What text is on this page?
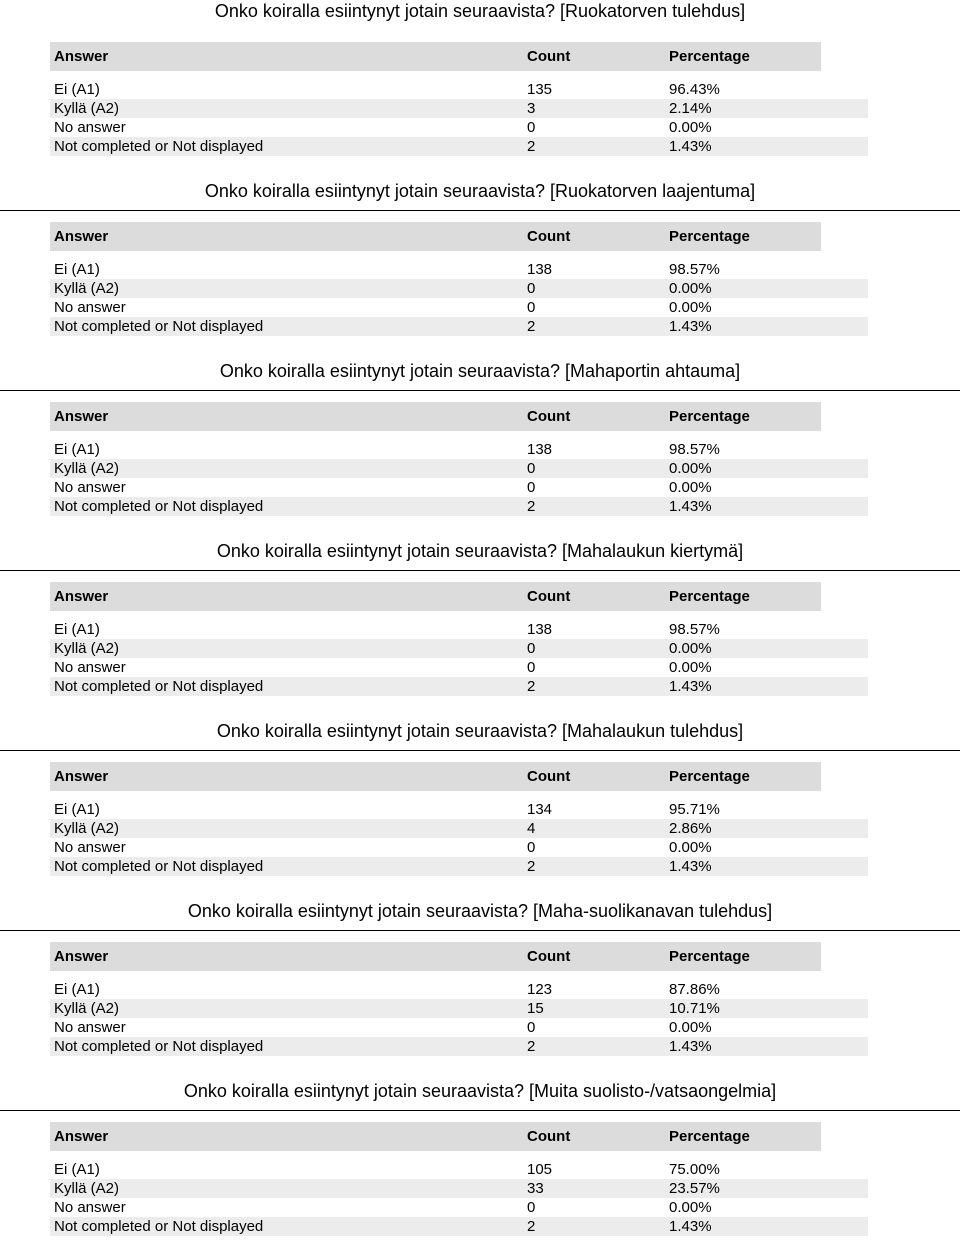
Onko koiralla esiintynyt jotain seuraavista? [Ruokatorven tulehdus]
Answer	Count	Percentage
Ei (A1)	135	96.43%
Kyllä (A2)	3	2.14%
No answer	0	0.00%
Not completed or Not displayed	2	1.43%
Onko koiralla esiintynyt jotain seuraavista? [Ruokatorven laajentuma]
Answer	Count	Percentage
Ei (A1)	138	98.57%
Kyllä (A2)	0	0.00%
No answer	0	0.00%
Not completed or Not displayed	2	1.43%
Onko koiralla esiintynyt jotain seuraavista? [Mahaportin ahtauma]
Answer	Count	Percentage
Ei (A1)	138	98.57%
Kyllä (A2)	0	0.00%
No answer	0	0.00%
Not completed or Not displayed	2	1.43%
Onko koiralla esiintynyt jotain seuraavista? [Mahalaukun kiertymä]
Answer	Count	Percentage
Ei (A1)	138	98.57%
Kyllä (A2)	0	0.00%
No answer	0	0.00%
Not completed or Not displayed	2	1.43%
Onko koiralla esiintynyt jotain seuraavista? [Mahalaukun tulehdus]
Answer	Count	Percentage
Ei (A1)	134	95.71%
Kyllä (A2)	4	2.86%
No answer	0	0.00%
Not completed or Not displayed	2	1.43%
Onko koiralla esiintynyt jotain seuraavista? [Maha-suolikanavan tulehdus]
Answer	Count	Percentage
Ei (A1)	123	87.86%
Kyllä (A2)	15	10.71%
No answer	0	0.00%
Not completed or Not displayed	2	1.43%
Onko koiralla esiintynyt jotain seuraavista? [Muita suolisto-/vatsaongelmia]
Answer	Count	Percentage
Ei (A1)	105	75.00%
Kyllä (A2)	33	23.57%
No answer	0	0.00%
Not completed or Not displayed	2	1.43%
